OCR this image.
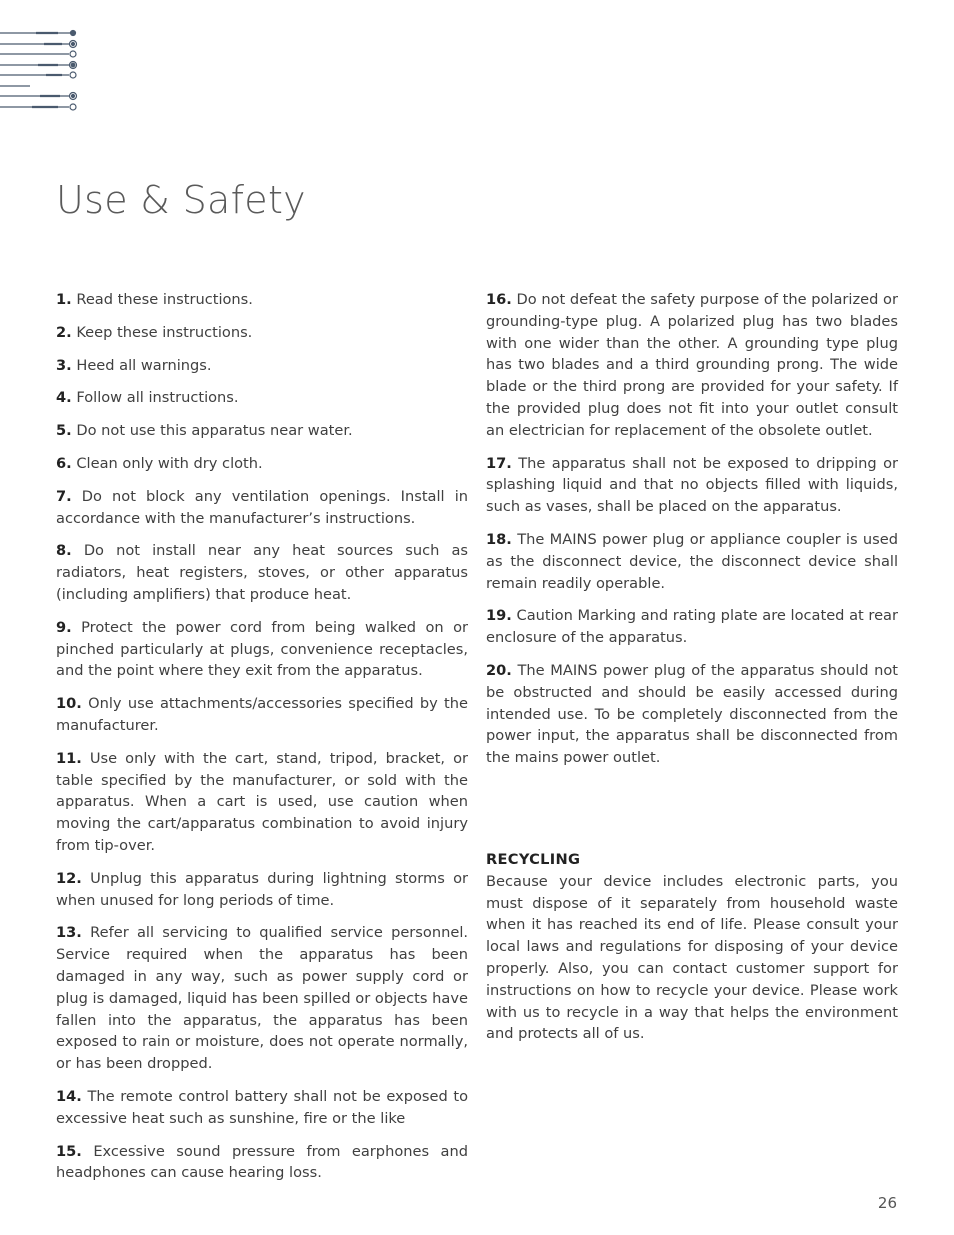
Use & Safety

1. Read these instructions.

2. Keep these instructions.

3. Heed all warnings.

4. Follow all instructions.

5. Do not use this apparatus near water.

6. Clean only with dry cloth.

7. Do not block any ventilation openings. Install in accordance with the manufacturer’s instructions.

8. Do not install near any heat sources such as radiators, heat registers, stoves, or other apparatus (including amplifiers) that produce heat.

9. Protect the power cord from being walked on or pinched particularly at plugs, convenience receptacles, and the point where they exit from the apparatus.

10. Only use attachments/accessories specified by the manufacturer.

11. Use only with the cart, stand, tripod, bracket, or table specified by the manufacturer, or sold with the apparatus. When a cart is used, use caution when moving the cart/apparatus combination to avoid injury from tip-over.

12. Unplug this apparatus during lightning storms or when unused for long periods of time.

13. Refer all servicing to qualified service personnel. Service required when the apparatus has been damaged in any way, such as power supply cord or plug is damaged, liquid has been spilled or objects have fallen into the apparatus, the apparatus has been exposed to rain or moisture, does not operate normally, or has been dropped.

14. The remote control battery shall not be exposed to excessive heat such as sunshine, fire or the like

15. Excessive sound pressure from earphones and headphones can cause hearing loss.

16. Do not defeat the safety purpose of the polarized or grounding-type plug. A polarized plug has two blades with one wider than the other. A grounding type plug has two blades and a third grounding prong. The wide blade or the third prong are provided for your safety. If the provided plug does not fit into your outlet consult an electrician for replacement of the obsolete outlet.

17. The apparatus shall not be exposed to dripping or splashing liquid and that no objects filled with liquids, such as vases, shall be placed on the apparatus.

18. The MAINS power plug or appliance coupler is used as the disconnect device, the disconnect device shall remain readily operable.

19. Caution Marking and rating plate are located at rear enclosure of the apparatus.

20. The MAINS power plug of the apparatus should not be obstructed and should be easily accessed during intended use. To be completely disconnected from the power input, the apparatus shall be disconnected from the mains power outlet.

RECYCLING

Because your device includes electronic parts, you must dispose of it separately from household waste when it has reached its end of life. Please consult your local laws and regulations for disposing of your device properly. Also, you can contact customer support for instructions on how to recycle your device. Please work with us to recycle in a way that helps the environment and protects all of us.

26
